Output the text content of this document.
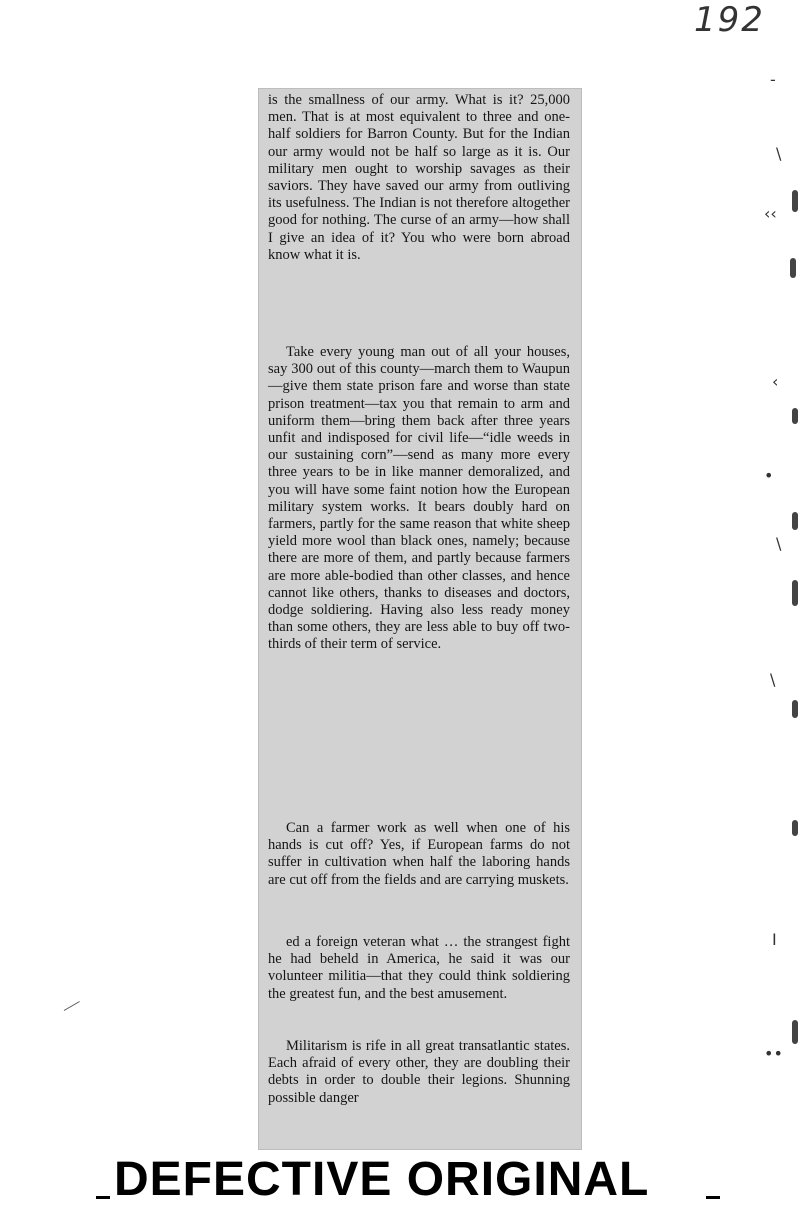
192

is the smallness of our army. What is it? 25,000 men. That is at most equivalent to three and one-half soldiers for Barron County. But for the Indian our army would not be half so large as it is. Our military men ought to worship savages as their saviors. They have saved our army from outliving its usefulness. The Indian is not therefore altogether good for nothing. The curse of an army—how shall I give an idea of it? You who were born abroad know what it is.

Take every young man out of all your houses, say 300 out of this county—march them to Waupun—give them state prison fare and worse than state prison treatment—tax you that remain to arm and uniform them—bring them back after three years unfit and indisposed for civil life—“idle weeds in our sustaining corn”—send as many more every three years to be in like manner demoralized, and you will have some faint notion how the European military system works. It bears doubly hard on farmers, partly for the same reason that white sheep yield more wool than black ones, namely; because there are more of them, and partly because farmers are more able-bodied than other classes, and hence cannot like others, thanks to diseases and doctors, dodge soldiering. Having also less ready money than some others, they are less able to buy off two-thirds of their term of service.

Can a farmer work as well when one of his hands is cut off? Yes, if European farms do not suffer in cultivation when half the laboring hands are cut off from the fields and are carrying muskets.

ed a foreign veteran what … the strangest fight he had beheld in America, he said it was our volunteer militia—that they could think soldiering the greatest fun, and the best amusement.

Militarism is rife in all great transatlantic states. Each afraid of every other, they are doubling their debts in order to double their legions. Shunning possible danger

-
\
‹‹
‹
•
\
\
I
••
DEFECTIVE ORIGINAL
